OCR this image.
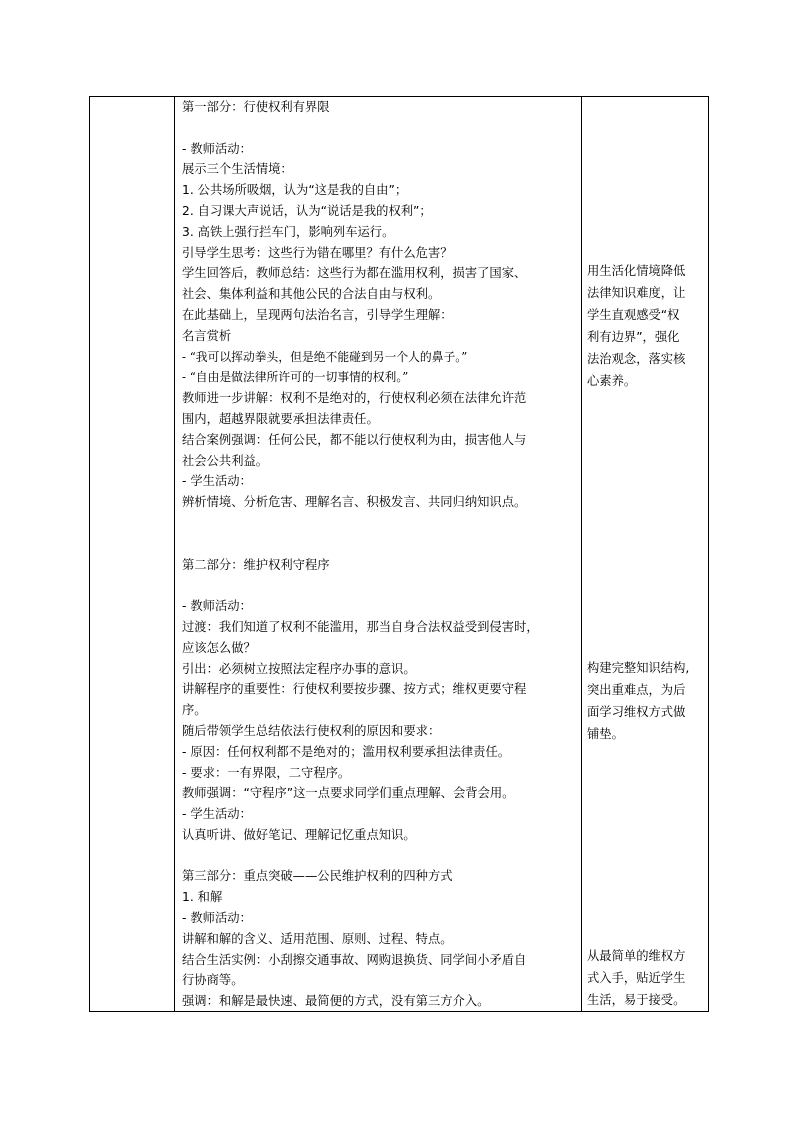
第一部分：行使权利有界限
- 教师活动：
展示三个生活情境：
1. 公共场所吸烟，认为“这是我的自由”；
2. 自习课大声说话，认为“说话是我的权利”；
3. 高铁上强行拦车门，影响列车运行。
引导学生思考：这些行为错在哪里？有什么危害？
学生回答后，教师总结：这些行为都在滥用权利，损害了国家、
社会、集体利益和其他公民的合法自由与权利。
在此基础上，呈现两句法治名言，引导学生理解：
名言赏析
- “我可以挥动拳头，但是绝不能碰到另一个人的鼻子。”
- “自由是做法律所许可的一切事情的权利。”
教师进一步讲解：权利不是绝对的，行使权利必须在法律允许范
围内，超越界限就要承担法律责任。
结合案例强调：任何公民，都不能以行使权利为由，损害他人与
社会公共利益。
- 学生活动：
辨析情境、分析危害、理解名言、积极发言、共同归纳知识点。
第二部分：维护权利守程序
- 教师活动：
过渡：我们知道了权利不能滥用，那当自身合法权益受到侵害时，
应该怎么做？
引出：必须树立按照法定程序办事的意识。
讲解程序的重要性：行使权利要按步骤、按方式；维权更要守程
序。
随后带领学生总结依法行使权利的原因和要求：
- 原因：任何权利都不是绝对的；滥用权利要承担法律责任。
- 要求：一有界限，二守程序。
教师强调：“守程序”这一点要求同学们重点理解、会背会用。
- 学生活动：
认真听讲、做好笔记、理解记忆重点知识。
第三部分：重点突破——公民维护权利的四种方式
1. 和解
- 教师活动：
讲解和解的含义、适用范围、原则、过程、特点。
结合生活实例：小刮擦交通事故、网购退换货、同学间小矛盾自
行协商等。
强调：和解是最快速、最简便的方式，没有第三方介入。
用生活化情境降低
法律知识难度，让
学生直观感受“权
利有边界”，强化
法治观念，落实核
心素养。
构建完整知识结构,
突出重难点，为后
面学习维权方式做
铺垫。
从最简单的维权方
式入手，贴近学生
生活，易于接受。
